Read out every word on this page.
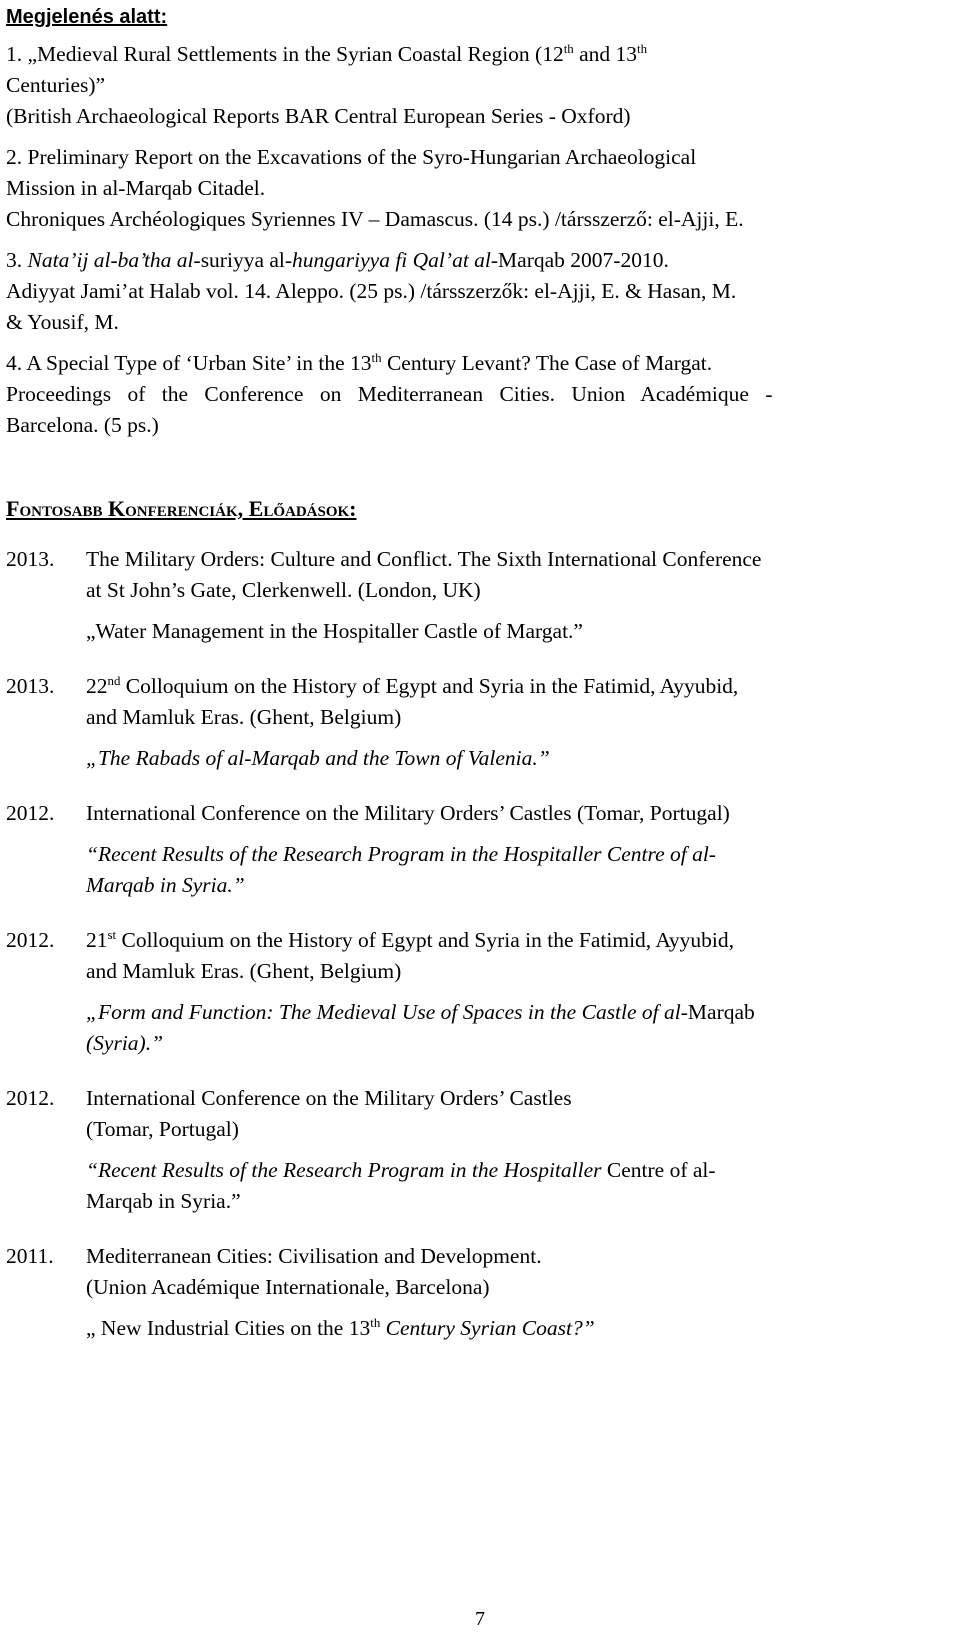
Megjelenés alatt:
1. „Medieval Rural Settlements in the Syrian Coastal Region (12th and 13th
Centuries)”
(British Archaeological Reports BAR Central European Series - Oxford)
2. Preliminary Report on the Excavations of the Syro-Hungarian Archaeological
Mission in al-Marqab Citadel.
Chroniques Archéologiques Syriennes IV – Damascus. (14 ps.) /társszerző: el-Ajji, E.
3. Nata’ij al-ba’tha al-suriyya al-hungariyya fi Qal’at al-Marqab 2007-2010.
Adiyyat Jami’at Halab vol. 14. Aleppo. (25 ps.) /társszerzők: el-Ajji, E. & Hasan, M.
& Yousif, M.
4. A Special Type of ‘Urban Site’ in the 13th Century Levant? The Case of Margat.
Proceedings of the Conference on Mediterranean Cities. Union Académique -
Barcelona. (5 ps.)
Fontosabb Konferenciák, Előadások:
2013.	The Military Orders: Culture and Conflict. The Sixth International Conference
at St John’s Gate, Clerkenwell. (London, UK)
„Water Management in the Hospitaller Castle of Margat.”
2013.	22nd Colloquium on the History of Egypt and Syria in the Fatimid, Ayyubid,
and Mamluk Eras. (Ghent, Belgium)
„The Rabads of al-Marqab and the Town of Valenia.”
2012.	International Conference on the Military Orders’ Castles (Tomar, Portugal)
“Recent Results of the Research Program in the Hospitaller Centre of al-
Marqab in Syria.”
2012.	21st Colloquium on the History of Egypt and Syria in the Fatimid, Ayyubid,
and Mamluk Eras. (Ghent, Belgium)
„Form and Function: The Medieval Use of Spaces in the Castle of al-Marqab
(Syria).”
2012.	International Conference on the Military Orders’ Castles
(Tomar, Portugal)
“Recent Results of the Research Program in the Hospitaller Centre of al-
Marqab in Syria.”
2011.	Mediterranean Cities: Civilisation and Development.
(Union Académique Internationale, Barcelona)
„ New Industrial Cities on the 13th Century Syrian Coast?”
7
